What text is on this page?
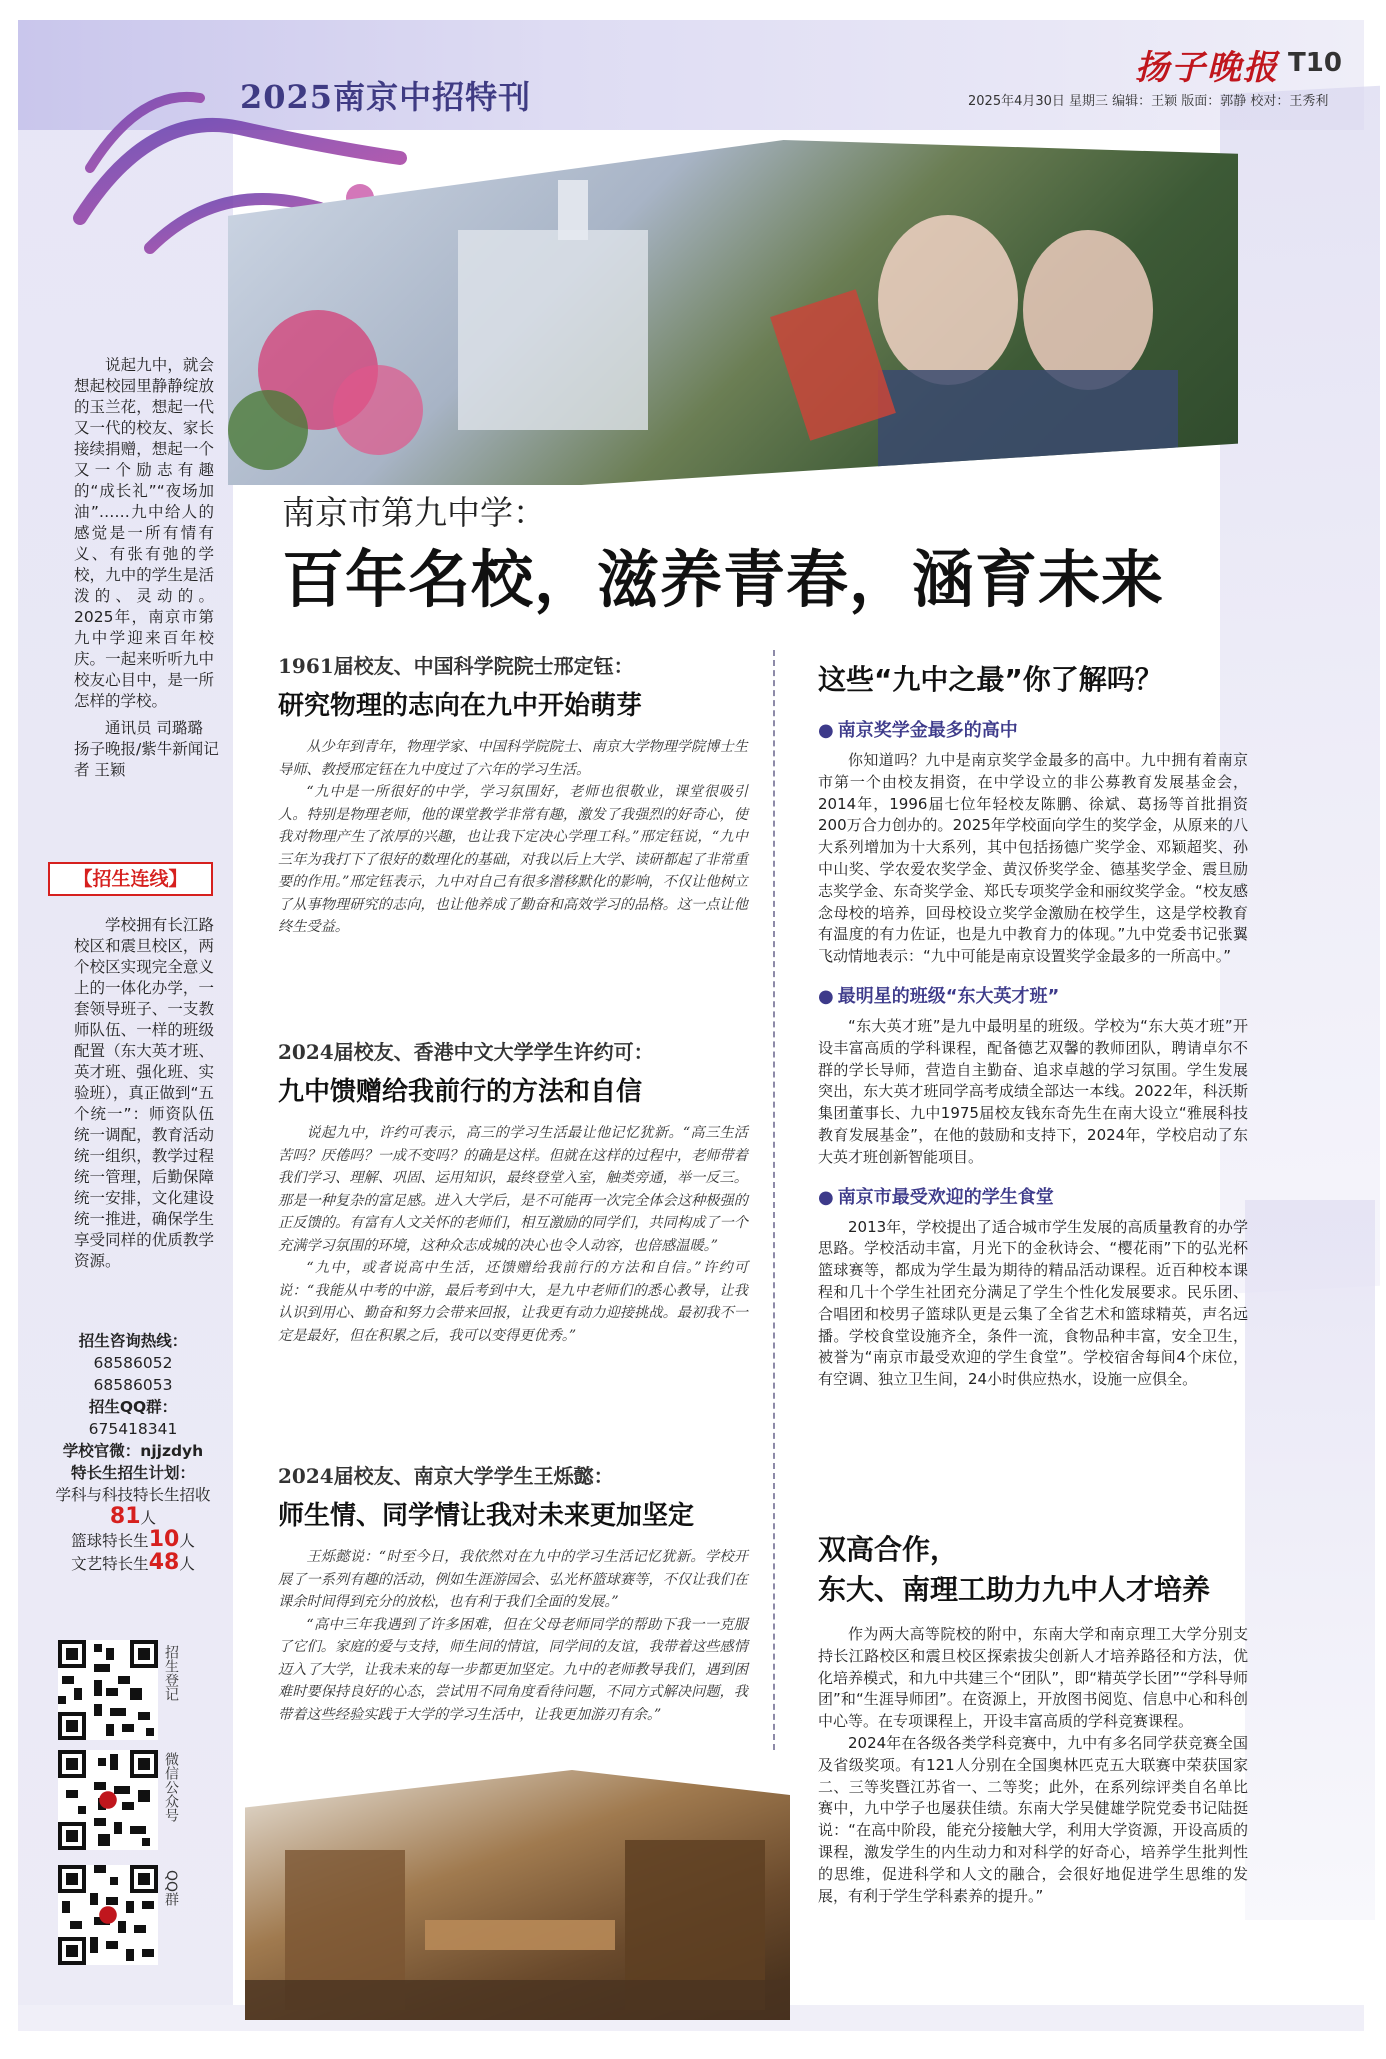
2025南京中招特刊
扬子晚报 T10
2025年4月30日 星期三 编辑：王颖 版面：郭静 校对：王秀利

说起九中，就会想起校园里静静绽放的玉兰花，想起一代又一代的校友、家长接续捐赠，想起一个又一个励志有趣的“成长礼”“夜场加油”……九中给人的感觉是一所有情有义、有张有弛的学校，九中的学生是活泼的、灵动的。2025年，南京市第九中学迎来百年校庆。一起来听听九中校友心目中，是一所怎样的学校。

通讯员 司璐璐
扬子晚报/紫牛新闻记者 王颖
【招生连线】
学校拥有长江路校区和震旦校区，两个校区实现完全意义上的一体化办学，一套领导班子、一支教师队伍、一样的班级配置（东大英才班、英才班、强化班、实验班），真正做到“五个统一”：师资队伍统一调配，教育活动统一组织，教学过程统一管理，后勤保障统一安排，文化建设统一推进，确保学生享受同样的优质教学资源。
招生咨询热线：
68586052
68586053
招生QQ群：
675418341
学校官微：njjzdyh
特长生招生计划：
学科与科技特长生招收81人
篮球特长生10人
文艺特长生48人
招生登记
微信公众号
QQ群
南京市第九中学：
百年名校，滋养青春，涵育未来
1961届校友、中国科学院院士邢定钰：
研究物理的志向在九中开始萌芽

从少年到青年，物理学家、中国科学院院士、南京大学物理学院博士生导师、教授邢定钰在九中度过了六年的学习生活。

“九中是一所很好的中学，学习氛围好，老师也很敬业，课堂很吸引人。特别是物理老师，他的课堂教学非常有趣，激发了我强烈的好奇心，使我对物理产生了浓厚的兴趣，也让我下定决心学理工科。”邢定钰说，“九中三年为我打下了很好的数理化的基础，对我以后上大学、读研都起了非常重要的作用。”邢定钰表示，九中对自己有很多潜移默化的影响，不仅让他树立了从事物理研究的志向，也让他养成了勤奋和高效学习的品格。这一点让他终生受益。

2024届校友、香港中文大学学生许约可：
九中馈赠给我前行的方法和自信

说起九中，许约可表示，高三的学习生活最让他记忆犹新。“高三生活苦吗？厌倦吗？一成不变吗？的确是这样。但就在这样的过程中，老师带着我们学习、理解、巩固、运用知识，最终登堂入室，触类旁通，举一反三。那是一种复杂的富足感。进入大学后，是不可能再一次完全体会这种极强的正反馈的。有富有人文关怀的老师们，相互激励的同学们，共同构成了一个充满学习氛围的环境，这种众志成城的决心也令人动容，也倍感温暖。”

“九中，或者说高中生活，还馈赠给我前行的方法和自信。”许约可说：“我能从中考的中游，最后考到中大，是九中老师们的悉心教导，让我认识到用心、勤奋和努力会带来回报，让我更有动力迎接挑战。最初我不一定是最好，但在积累之后，我可以变得更优秀。”

2024届校友、南京大学学生王烁懿：
师生情、同学情让我对未来更加坚定

王烁懿说：“时至今日，我依然对在九中的学习生活记忆犹新。学校开展了一系列有趣的活动，例如生涯游园会、弘光杯篮球赛等，不仅让我们在课余时间得到充分的放松，也有利于我们全面的发展。”

“高中三年我遇到了许多困难，但在父母老师同学的帮助下我一一克服了它们。家庭的爱与支持，师生间的情谊，同学间的友谊，我带着这些感情迈入了大学，让我未来的每一步都更加坚定。九中的老师教导我们，遇到困难时要保持良好的心态，尝试用不同角度看待问题，不同方式解决问题，我带着这些经验实践于大学的学习生活中，让我更加游刃有余。”

这些“九中之最”你了解吗？
● 南京奖学金最多的高中

你知道吗？九中是南京奖学金最多的高中。九中拥有着南京市第一个由校友捐资，在中学设立的非公募教育发展基金会，2014年，1996届七位年轻校友陈鹏、徐斌、葛扬等首批捐资200万合力创办的。2025年学校面向学生的奖学金，从原来的八大系列增加为十大系列，其中包括扬德广奖学金、邓颖超奖、孙中山奖、学农爱农奖学金、黄汉侨奖学金、德基奖学金、震旦励志奖学金、东奇奖学金、郑氏专项奖学金和丽纹奖学金。“校友感念母校的培养，回母校设立奖学金激励在校学生，这是学校教育有温度的有力佐证，也是九中教育力的体现。”九中党委书记张翼飞动情地表示：“九中可能是南京设置奖学金最多的一所高中。”

● 最明星的班级“东大英才班”

“东大英才班”是九中最明星的班级。学校为“东大英才班”开设丰富高质的学科课程，配备德艺双馨的教师团队，聘请卓尔不群的学长导师，营造自主勤奋、追求卓越的学习氛围。学生发展突出，东大英才班同学高考成绩全部达一本线。2022年，科沃斯集团董事长、九中1975届校友钱东奇先生在南大设立“雅展科技教育发展基金”，在他的鼓励和支持下，2024年，学校启动了东大英才班创新智能项目。

● 南京市最受欢迎的学生食堂

2013年，学校提出了适合城市学生发展的高质量教育的办学思路。学校活动丰富，月光下的金秋诗会、“樱花雨”下的弘光杯篮球赛等，都成为学生最为期待的精品活动课程。近百种校本课程和几十个学生社团充分满足了学生个性化发展要求。民乐团、合唱团和校男子篮球队更是云集了全省艺术和篮球精英，声名远播。学校食堂设施齐全，条件一流，食物品种丰富，安全卫生，被誉为“南京市最受欢迎的学生食堂”。学校宿舍每间4个床位，有空调、独立卫生间，24小时供应热水，设施一应俱全。

双高合作，
东大、南理工助力九中人才培养

作为两大高等院校的附中，东南大学和南京理工大学分别支持长江路校区和震旦校区探索拔尖创新人才培养路径和方法，优化培养模式，和九中共建三个“团队”，即“精英学长团”“学科导师团”和“生涯导师团”。在资源上，开放图书阅览、信息中心和科创中心等。在专项课程上，开设丰富高质的学科竞赛课程。

2024年在各级各类学科竞赛中，九中有多名同学获竞赛全国及省级奖项。有121人分别在全国奥林匹克五大联赛中荣获国家二、三等奖暨江苏省一、二等奖；此外，在系列综评类自名单比赛中，九中学子也屡获佳绩。东南大学吴健雄学院党委书记陆挺说：“在高中阶段，能充分接触大学，利用大学资源，开设高质的课程，激发学生的内生动力和对科学的好奇心，培养学生批判性的思维，促进科学和人文的融合，会很好地促进学生思维的发展，有利于学生学科素养的提升。”
